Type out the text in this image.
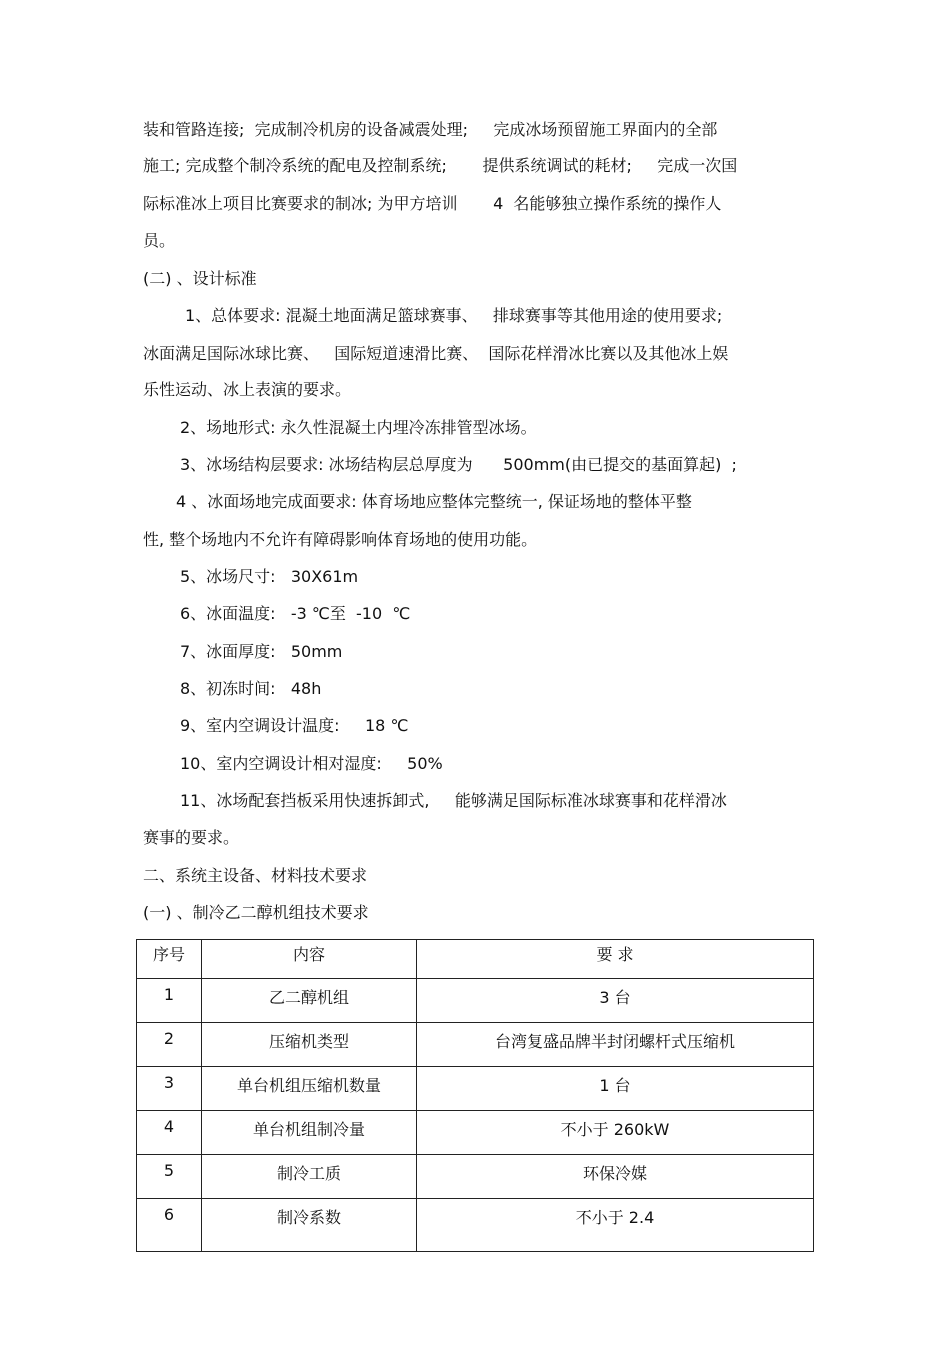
装和管路连接;  完成制冷机房的设备减震处理;     完成冰场预留施工界面内的全部
施工; 完成整个制冷系统的配电及控制系统;       提供系统调试的耗材;     完成一次国
际标准冰上项目比赛要求的制冰; 为甲方培训       4  名能够独立操作系统的操作人
员。
(二) 、设计标准
1、总体要求: 混凝土地面满足篮球赛事、   排球赛事等其他用途的使用要求;
冰面满足国际冰球比赛、   国际短道速滑比赛、  国际花样滑冰比赛以及其他冰上娱
乐性运动、冰上表演的要求。
2、场地形式: 永久性混凝土内埋冷冻排管型冰场。
3、冰场结构层要求: 冰场结构层总厚度为      500mm(由已提交的基面算起)  ;
4 、冰面场地完成面要求: 体育场地应整体完整统一, 保证场地的整体平整
性, 整个场地内不允许有障碍影响体育场地的使用功能。
5、冰场尺寸:   30X61m
6、冰面温度:   -3 ℃至  -10  ℃
7、冰面厚度:   50mm
8、初冻时间:   48h
9、室内空调设计温度:     18 ℃
10、室内空调设计相对湿度:     50%
11、冰场配套挡板采用快速拆卸式,     能够满足国际标准冰球赛事和花样滑冰
赛事的要求。
二、系统主设备、材料技术要求
(一) 、制冷乙二醇机组技术要求
序号	内容	要 求
1	乙二醇机组	3 台
2	压缩机类型	台湾复盛品牌半封闭螺杆式压缩机
3	单台机组压缩机数量	1 台
4	单台机组制冷量	不小于 260kW
5	制冷工质	环保冷媒
6	制冷系数	不小于 2.4
